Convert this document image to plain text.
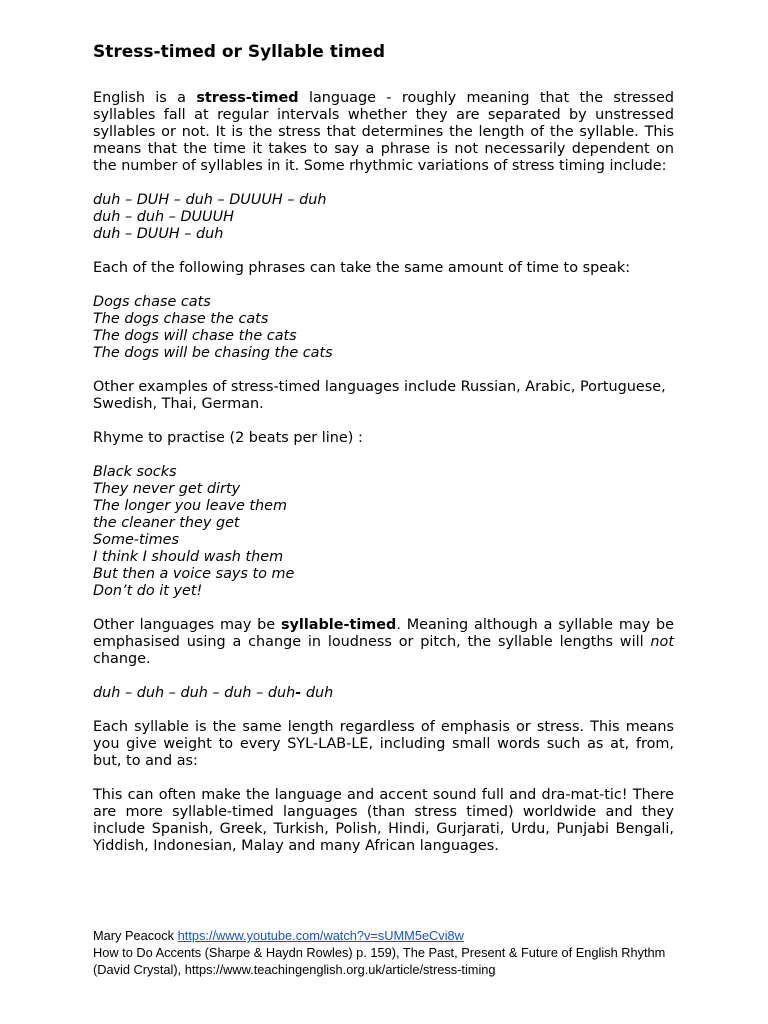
Stress-timed or Syllable timed

English is a stress-timed language - roughly meaning that the stressed syllables fall at regular intervals whether they are separated by unstressed syllables or not. It is the stress that determines the length of the syllable. This means that the time it takes to say a phrase is not necessarily dependent on the number of syllables in it. Some rhythmic variations of stress timing include:

duh – DUH – duh – DUUUH – duh
duh – duh – DUUUH
duh – DUUH – duh

Each of the following phrases can take the same amount of time to speak:

Dogs chase cats
The dogs chase the cats
The dogs will chase the cats
The dogs will be chasing the cats

Other examples of stress-timed languages include Russian, Arabic, Portuguese, Swedish, Thai, German.

Rhyme to practise (2 beats per line) :

Black socks
They never get dirty
The longer you leave them
the cleaner they get
Some-times
I think I should wash them
But then a voice says to me
Don’t do it yet!

Other languages may be syllable-timed. Meaning although a syllable may be emphasised using a change in loudness or pitch, the syllable lengths will not change.

duh – duh – duh – duh – duh- duh

Each syllable is the same length regardless of emphasis or stress. This means you give weight to every SYL-LAB-LE, including small words such as at, from, but, to and as:

This can often make the language and accent sound full and dra-mat-tic! There are more syllable-timed languages (than stress timed) worldwide and they include Spanish, Greek, Turkish, Polish, Hindi, Gurjarati, Urdu, Punjabi Bengali, Yiddish, Indonesian, Malay and many African languages.

Mary Peacock https://www.youtube.com/watch?v=sUMM5eCvi8w
How to Do Accents (Sharpe & Haydn Rowles) p. 159), The Past, Present & Future of English Rhythm (David Crystal), https://www.teachingenglish.org.uk/article/stress-timing
